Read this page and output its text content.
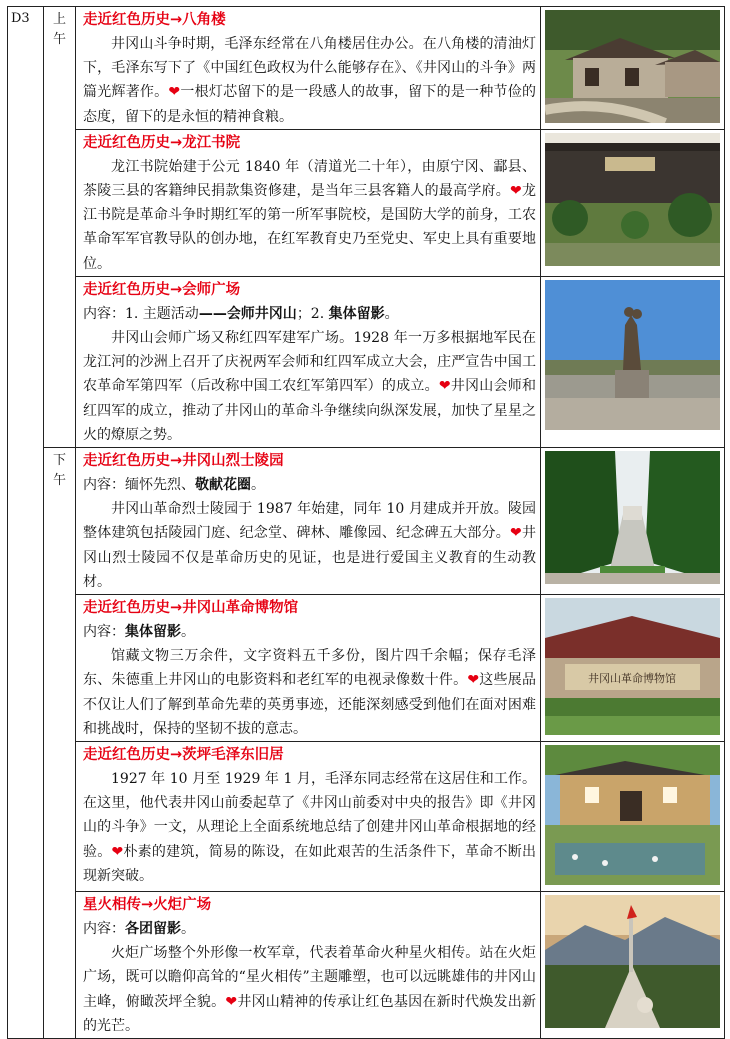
D3	上午	走近红色历史→八角楼

井冈山斗争时期，毛泽东经常在八角楼居住办公。在八角楼的清油灯下，毛泽东写下了《中国红色政权为什么能够存在》、《井冈山的斗争》两篇光辉著作。❤一根灯芯留下的是一段感人的故事，留下的是一种节俭的态度，留下的是永恒的精神食粮。

		走近红色历史→龙江书院

龙江书院始建于公元 1840 年（清道光二十年），由原宁冈、酃县、茶陵三县的客籍绅民捐款集资修建，是当年三县客籍人的最高学府。❤龙江书院是革命斗争时期红军的第一所军事院校，是国防大学的前身，工农革命军军官教导队的创办地，在红军教育史乃至党史、军史上具有重要地位。

		走近红色历史→会师广场

内容：1. 主题活动——会师井冈山；2. 集体留影。

井冈山会师广场又称红四军建军广场。1928 年一万多根据地军民在龙江河的沙洲上召开了庆祝两军会师和红四军成立大会，庄严宣告中国工农革命军第四军（后改称中国工农红军第四军）的成立。❤井冈山会师和红四军的成立，推动了井冈山的革命斗争继续向纵深发展，加快了星星之火的燎原之势。

	下午	走近红色历史→井冈山烈士陵园

内容：缅怀先烈、敬献花圈。

井冈山革命烈士陵园于 1987 年始建，同年 10 月建成并开放。陵园整体建筑包括陵园门庭、纪念堂、碑林、雕像园、纪念碑五大部分。❤井冈山烈士陵园不仅是革命历史的见证，也是进行爱国主义教育的生动教材。

		走近红色历史→井冈山革命博物馆

内容：集体留影。

馆藏文物三万余件，文字资料五千多份，图片四千余幅；保存毛泽东、朱德重上井冈山的电影资料和老红军的电视录像数十件。❤这些展品不仅让人们了解到革命先辈的英勇事迹，还能深刻感受到他们在面对困难和挑战时，保持的坚韧不拔的意志。	井冈山革命博物馆

		走近红色历史→茨坪毛泽东旧居

1927 年 10 月至 1929 年 1 月，毛泽东同志经常在这居住和工作。在这里，他代表井冈山前委起草了《井冈山前委对中央的报告》即《井冈山的斗争》一文，从理论上全面系统地总结了创建井冈山革命根据地的经验。❤朴素的建筑，简易的陈设，在如此艰苦的生活条件下，革命不断出现新突破。

		星火相传→火炬广场

内容：各团留影。

火炬广场整个外形像一枚军章，代表着革命火种星火相传。站在火炬广场，既可以瞻仰高耸的“星火相传”主题雕塑，也可以远眺雄伟的井冈山主峰，俯瞰茨坪全貌。❤井冈山精神的传承让红色基因在新时代焕发出新的光芒。
